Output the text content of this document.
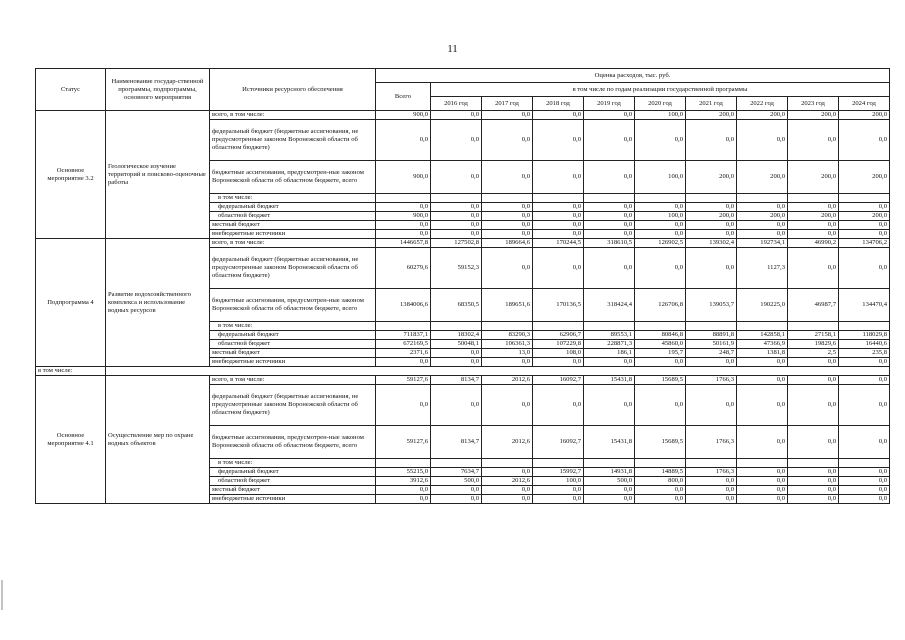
11
Статус	Наименование государ-ственной программы, подпрограммы, основного мероприятия	Источники ресурсного обеспечения	Оценка расходов, тыс. руб.									
			Всего	в том числе по годам реализации государственной программы								
				2016 год	2017 год	2018 год	2019 год	2020 год	2021 год	2022 год	2023 год	2024 год
Основное мероприятие 3.2	Геологическое изучение территорий и поисково-оценочные работы	всего, в том числе:	900,0	0,0	0,0	0,0	0,0	100,0	200,0	200,0	200,0	200,0
		федеральный бюджет (бюджетные ассигнования, не предусмотренные законом Воронежской области об областном бюджете)	0,0	0,0	0,0	0,0	0,0	0,0	0,0	0,0	0,0	0,0
		бюджетные ассигнования, предусмотрен-ные законом Воронежской области об областном бюджете, всего	900,0	0,0	0,0	0,0	0,0	100,0	200,0	200,0	200,0	200,0
		в том числе:										
		федеральный бюджет	0,0	0,0	0,0	0,0	0,0	0,0	0,0	0,0	0,0	0,0
		областной бюджет	900,0	0,0	0,0	0,0	0,0	100,0	200,0	200,0	200,0	200,0
		местный бюджет	0,0	0,0	0,0	0,0	0,0	0,0	0,0	0,0	0,0	0,0
		внебюджетные источники	0,0	0,0	0,0	0,0	0,0	0,0	0,0	0,0	0,0	0,0
Подпрограмма 4	Развитие водохозяйственного комплекса и использование водных ресурсов	всего, в том числе:	1446657,8	127502,8	189664,6	170244,5	318610,5	126902,5	139302,4	192734,1	46990,2	134706,2
		федеральный бюджет (бюджетные ассигнования, не предусмотренные законом Воронежской области об областном бюджете)	60279,6	59152,3	0,0	0,0	0,0	0,0	0,0	1127,3	0,0	0,0
		бюджетные ассигнования, предусмотрен-ные законом Воронежской области об областном бюджете, всего	1384006,6	68350,5	189651,6	170136,5	318424,4	126706,8	139053,7	190225,0	46987,7	134470,4
		в том числе:										
		федеральный бюджет	711837,1	18302,4	83290,3	62906,7	89553,1	80846,8	88891,8	142858,1	27158,1	118029,8
		областной бюджет	672169,5	50048,1	106361,3	107229,8	228871,3	45860,0	50161,9	47366,9	19829,6	16440,6
		местный бюджет	2371,6	0,0	13,0	108,0	186,1	195,7	248,7	1381,8	2,5	235,8
		внебюджетные источники	0,0	0,0	0,0	0,0	0,0	0,0	0,0	0,0	0,0	0,0
в том числе:												
Основное мероприятие 4.1	Осуществление мер по охране водных объектов	всего, в том числе:	59127,6	8134,7	2012,6	16092,7	15431,8	15689,5	1766,3	0,0	0,0	0,0
		федеральный бюджет (бюджетные ассигнования, не предусмотренные законом Воронежской области об областном бюджете)	0,0	0,0	0,0	0,0	0,0	0,0	0,0	0,0	0,0	0,0
		бюджетные ассигнования, предусмотрен-ные законом Воронежской области об областном бюджете, всего	59127,6	8134,7	2012,6	16092,7	15431,8	15689,5	1766,3	0,0	0,0	0,0
		в том числе:										
		федеральный бюджет	55215,0	7634,7	0,0	15992,7	14931,8	14889,5	1766,3	0,0	0,0	0,0
		областной бюджет	3912,6	500,0	2012,6	100,0	500,0	800,0	0,0	0,0	0,0	0,0
		местный бюджет	0,0	0,0	0,0	0,0	0,0	0,0	0,0	0,0	0,0	0,0
		внебюджетные источники	0,0	0,0	0,0	0,0	0,0	0,0	0,0	0,0	0,0	0,0
